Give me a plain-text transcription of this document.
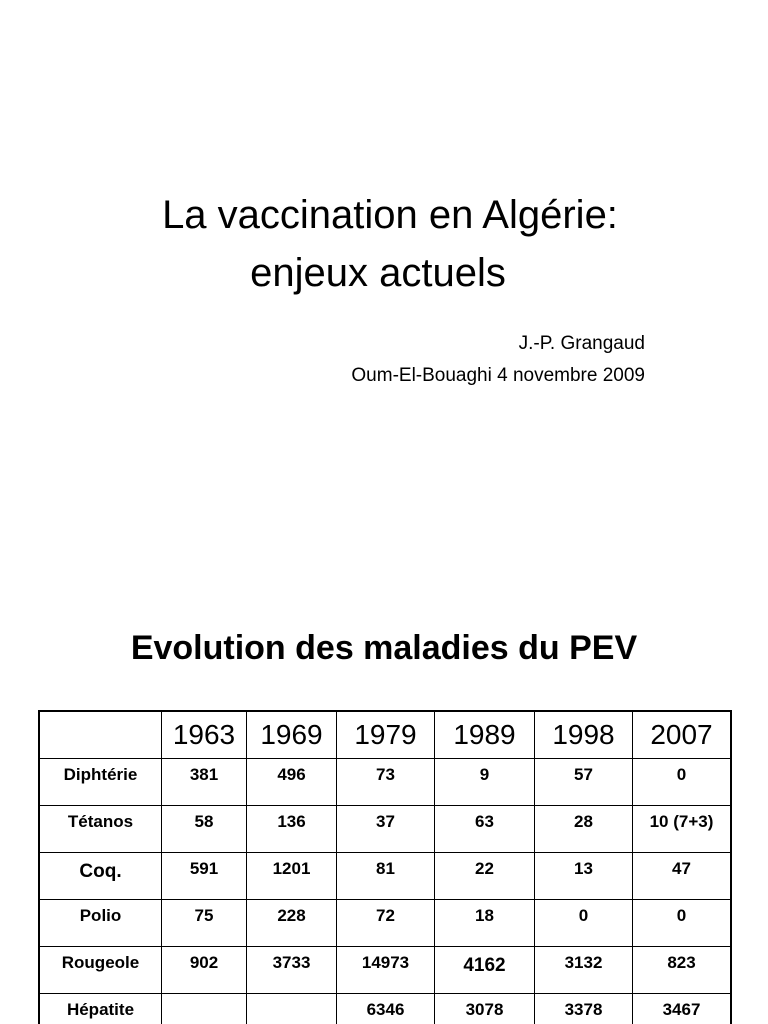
La vaccination en Algérie:
enjeux actuels
J.-P. Grangaud
Oum-El-Bouaghi 4 novembre 2009
Evolution des maladies du PEV
	1963	1969	1979	1989	1998	2007
Diphtérie	381	496	73	9	57	0
Tétanos	58	136	37	63	28	10 (7+3)
Coq.	591	1201	81	22	13	47
Polio	75	228	72	18	0	0
Rougeole	902	3733	14973	4162	3132	823
Hépatite			6346	3078	3378	3467
